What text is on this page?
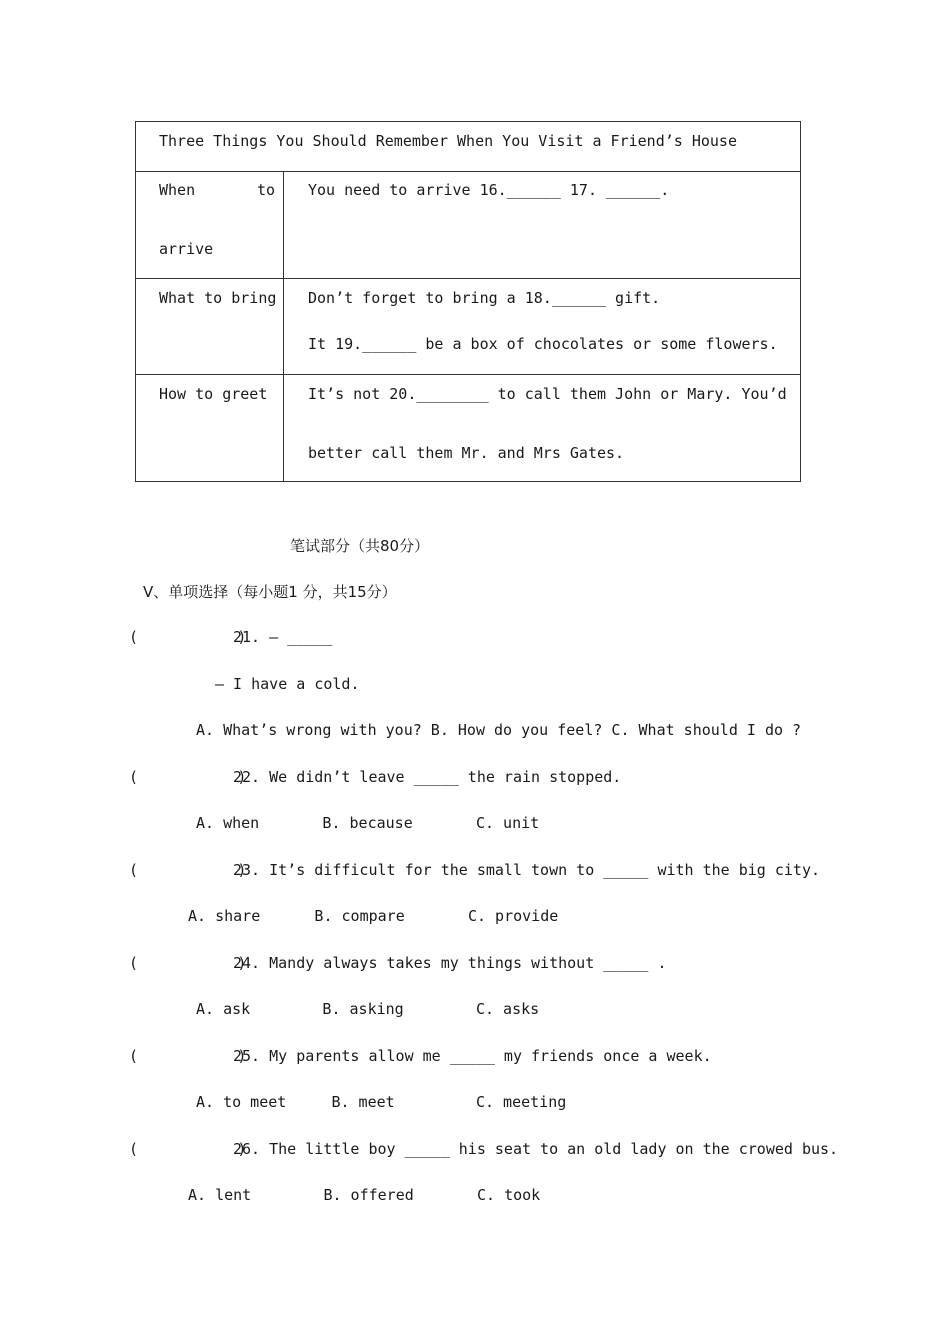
Three Things You Should Remember When You Visit a Friend’s House
When	to
arrive
You need to arrive 16.______ 17. ______.
What to bring Don’t forget to bring a 18.______ gift.
It 19.______ be a box of chocolates or some flowers.
How to greet	It’s not 20.________ to call them John or Mary. You’d
better call them Mr. and Mrs Gates.
笔试部分（共80分）
Ⅴ、单项选择（每小题1 分，共15分）
(           )
21. — _____
— I have a cold.
A. What’s wrong with you? B. How do you feel? C. What should I do ?
(           )
22. We didn’t leave _____ the rain stopped.
A. when       B. because       C. unit
(           )
23. It’s difficult for the small town to _____ with the big city.
A. share      B. compare       C. provide
(           )
24. Mandy always takes my things without _____ .
A. ask        B. asking        C. asks
(           )
25. My parents allow me _____ my friends once a week.
A. to meet     B. meet         C. meeting
(           )
26. The little boy _____ his seat to an old lady on the crowed bus.
A. lent        B. offered       C. took
